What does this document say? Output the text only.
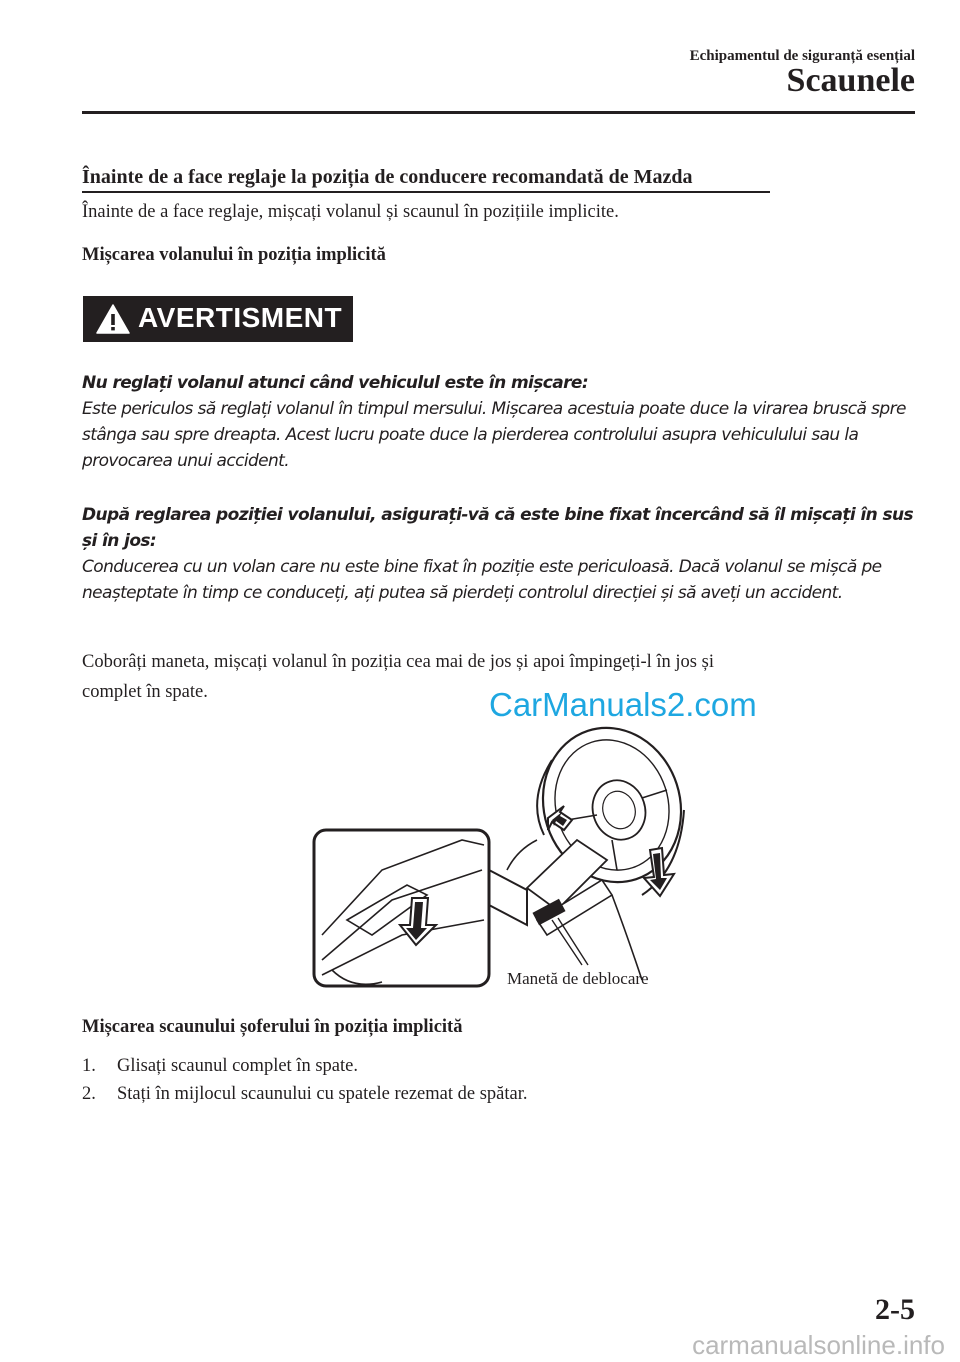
Echipamentul de siguranță esențial
Scaunele
Înainte de a face reglaje la poziția de conducere recomandată de Mazda
Înainte de a face reglaje, mișcați volanul și scaunul în pozițiile implicite.
Mișcarea volanului în poziția implicită
AVERTISMENT
Nu reglați volanul atunci când vehiculul este în mișcare:
Este periculos să reglați volanul în timpul mersului. Mișcarea acestuia poate duce la virarea bruscă spre stânga sau spre dreapta. Acest lucru poate duce la pierderea controlului asupra vehiculului sau la provocarea unui accident.
După reglarea poziției volanului, asigurați-vă că este bine fixat încercând să îl mișcați în sus și în jos:
Conducerea cu un volan care nu este bine fixat în poziție este periculoasă. Dacă volanul se mișcă pe neașteptate în timp ce conduceți, ați putea să pierdeți controlul direcției și să aveți un accident.
Coborâți maneta, mișcați volanul în poziția cea mai de jos și apoi împingeți-l în jos și
complet în spate.	CarManuals2.com
Manetă de deblocare
Mișcarea scaunului șoferului în poziția implicită
1. Glisați scaunul complet în spate.
2. Stați în mijlocul scaunului cu spatele rezemat de spătar.
2-5
carmanualsonline.info
